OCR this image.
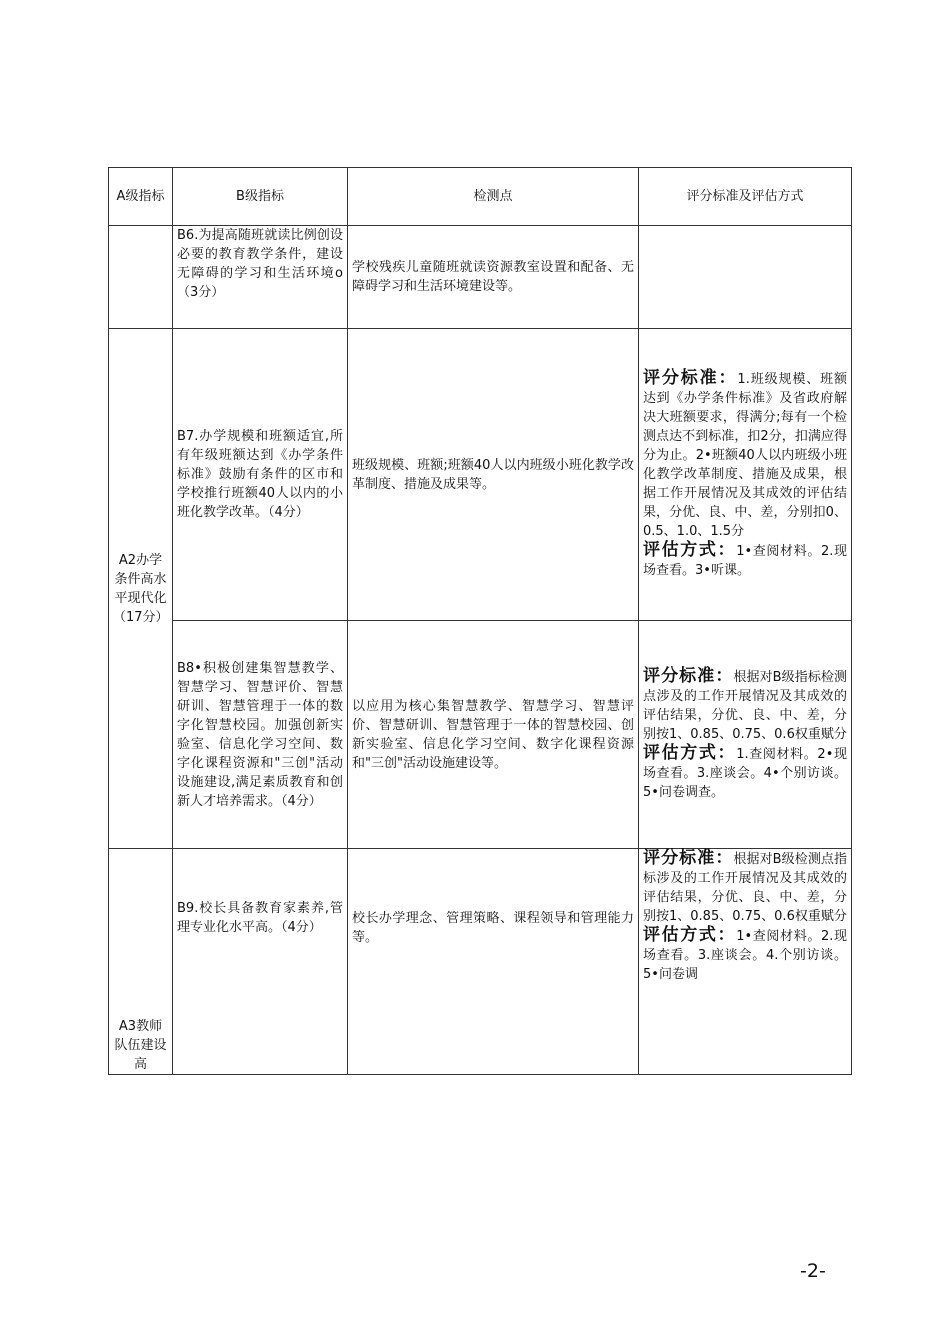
A级指标	B级指标	检测点	评分标准及评估方式
	B6.为提高随班就读比例创设必要的教育教学条件，建设无障碍的学习和生活环境o（3分）	学校残疾儿童随班就读资源教室设置和配备、无障碍学习和生活环境建设等。	
A2办学条件高水平现代化（17分）	B7.办学规模和班额适宜,所有年级班额达到《办学条件标准》鼓励有条件的区市和学校推行班额40人以内的小班化教学改革。（4分）	班级规模、班额;班额40人以内班级小班化教学改革制度、措施及成果等。	评分标准：1.班级规模、班额达到《办学条件标准》及省政府解决大班额要求，得满分;每有一个检测点达不到标准，扣2分，扣满应得分为止。2•班额40人以内班级小班化教学改革制度、措施及成果，根据工作开展情况及其成效的评估结果，分优、良、中、差，分别扣0、0.5、1.0、1.5分
评估方式：1•查阅材料。2.现场查看。3•听课。
	B8•积极创建集智慧教学、智慧学习、智慧评价、智慧研训、智慧管理于一体的数字化智慧校园。加强创新实验室、信息化学习空间、数字化课程资源和"三创"活动设施建设,满足素质教育和创新人才培养需求。（4分）	以应用为核心集智慧教学、智慧学习、智慧评价、智慧研训、智慧管理于一体的智慧校园、创新实验室、信息化学习空间、数字化课程资源和"三创"活动设施建设等。	评分标准：根据对B级指标检测点涉及的工作开展情况及其成效的评估结果，分优、良、中、差，分别按1、0.85、0.75、0.6权重赋分
评估方式：1.查阅材料。2•现场查看。3.座谈会。4•个别访谈。5•问卷调查。
A3教师队伍建设高	B9.校长具备教育家素养,管理专业化水平高。（4分）	校长办学理念、管理策略、课程领导和管理能力等。	评分标准：根据对B级检测点指标涉及的工作开展情况及其成效的评估结果，分优、良、中、差，分别按1、0.85、0.75、0.6权重赋分
评估方式：1•查阅材料。2.现场查看。3.座谈会。4.个别访谈。5•问卷调
-2-
